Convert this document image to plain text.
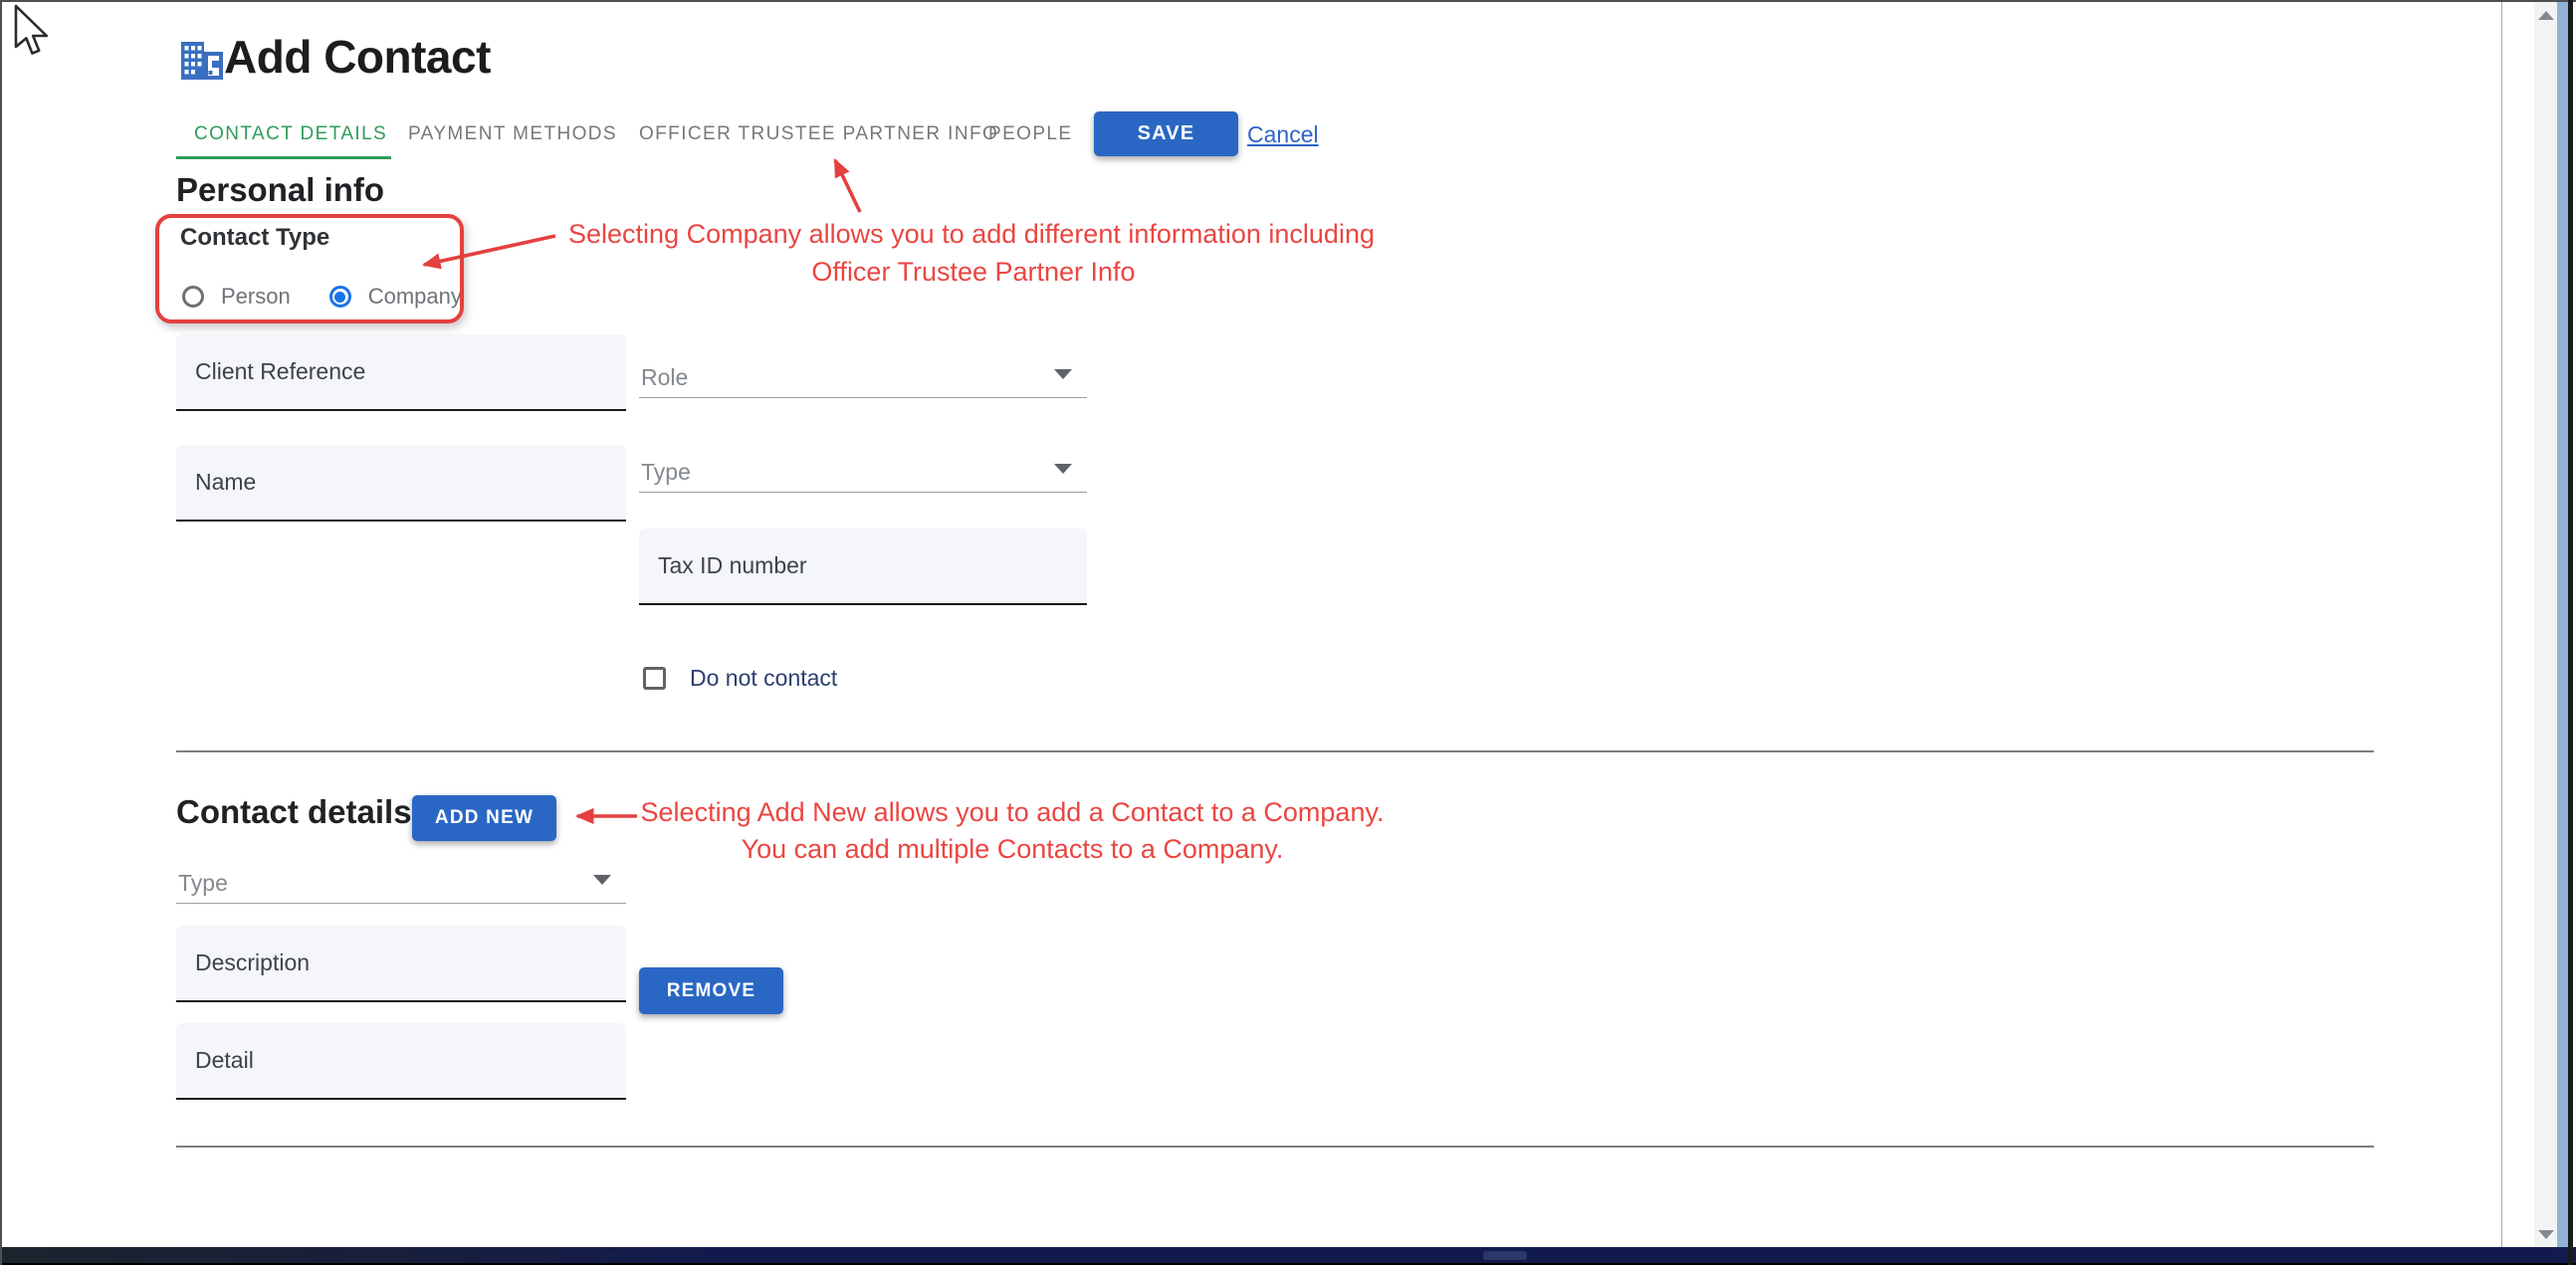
Add Contact
CONTACT DETAILS PAYMENT METHODS OFFICER TRUSTEE PARTNER INFO
PEOPLE	SAVE	Cancel
Personal info
Contact Type
Person	Company
Client Reference
Name
Role
Type
Tax ID number
Do not contact
Contact details	ADD NEW
Type
Description
REMOVE
Detail
Selecting Company allows you to add different information including
Officer Trustee Partner Info
Selecting Add New allows you to add a Contact to a Company.
You can add multiple Contacts to a Company.
